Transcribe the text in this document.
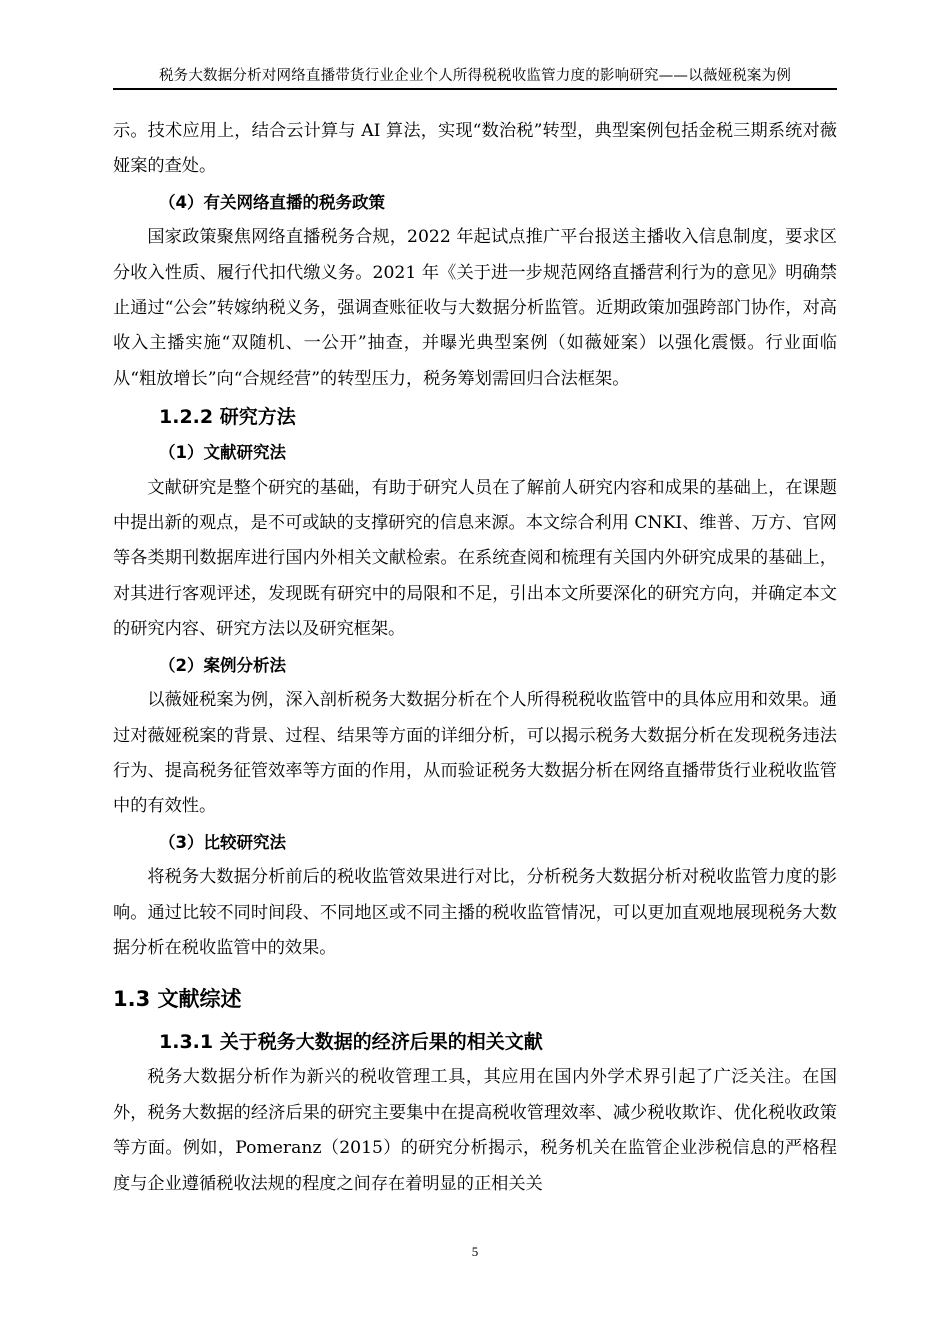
税务大数据分析对网络直播带货行业企业个人所得税税收监管力度的影响研究——以薇娅税案为例

示。技术应用上，结合云计算与 AI 算法，实现“数治税”转型，典型案例包括金税三期系统对薇娅案的查处。

（4）有关网络直播的税务政策

国家政策聚焦网络直播税务合规，2022 年起试点推广平台报送主播收入信息制度，要求区分收入性质、履行代扣代缴义务。2021 年《关于进一步规范网络直播营利行为的意见》明确禁止通过“公会”转嫁纳税义务，强调查账征收与大数据分析监管。近期政策加强跨部门协作，对高收入主播实施“双随机、一公开”抽查，并曝光典型案例（如薇娅案）以强化震慑。行业面临从“粗放增长”向“合规经营”的转型压力，税务筹划需回归合法框架。

1.2.2 研究方法

（1）文献研究法

文献研究是整个研究的基础，有助于研究人员在了解前人研究内容和成果的基础上，在课题中提出新的观点，是不可或缺的支撑研究的信息来源。本文综合利用 CNKI、维普、万方、官网等各类期刊数据库进行国内外相关文献检索。在系统查阅和梳理有关国内外研究成果的基础上，对其进行客观评述，发现既有研究中的局限和不足，引出本文所要深化的研究方向，并确定本文的研究内容、研究方法以及研究框架。

（2）案例分析法

以薇娅税案为例，深入剖析税务大数据分析在个人所得税税收监管中的具体应用和效果。通过对薇娅税案的背景、过程、结果等方面的详细分析，可以揭示税务大数据分析在发现税务违法行为、提高税务征管效率等方面的作用，从而验证税务大数据分析在网络直播带货行业税收监管中的有效性。

（3）比较研究法

将税务大数据分析前后的税收监管效果进行对比，分析税务大数据分析对税收监管力度的影响。通过比较不同时间段、不同地区或不同主播的税收监管情况，可以更加直观地展现税务大数据分析在税收监管中的效果。

1.3 文献综述

1.3.1 关于税务大数据的经济后果的相关文献

税务大数据分析作为新兴的税收管理工具，其应用在国内外学术界引起了广泛关注。在国外，税务大数据的经济后果的研究主要集中在提高税收管理效率、减少税收欺诈、优化税收政策等方面。例如，Pomeranz（2015）的研究分析揭示，税务机关在监管企业涉税信息的严格程度与企业遵循税收法规的程度之间存在着明显的正相关关

5
